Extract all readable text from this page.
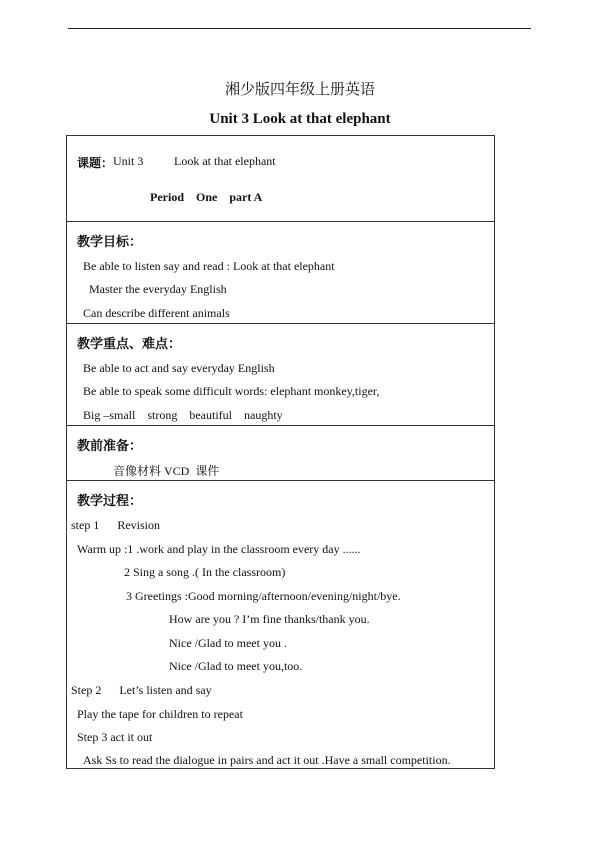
湘少版四年级上册英语
Unit 3 Look at that elephant
课题： Unit 3	Look at that elephant
Period    One    part A
教学目标：
Be able to listen say and read : Look at that elephant
Master the everyday English
Can describe different animals
教学重点、难点：
Be able to act and say everyday English
Be able to speak some difficult words: elephant monkey,tiger,
Big –small    strong    beautiful    naughty
教前准备：
音像材料 VCD  课件
教学过程：
step 1      Revision
Warm up :1 .work and play in the classroom every day ......
2 Sing a song .( In the classroom)
3 Greetings :Good morning/afternoon/evening/night/bye.
How are you ? I’m fine thanks/thank you.
Nice /Glad to meet you .
Nice /Glad to meet you,too.
Step 2      Let’s listen and say
Play the tape for children to repeat
Step 3 act it out
Ask Ss to read the dialogue in pairs and act it out .Have a small competition.
